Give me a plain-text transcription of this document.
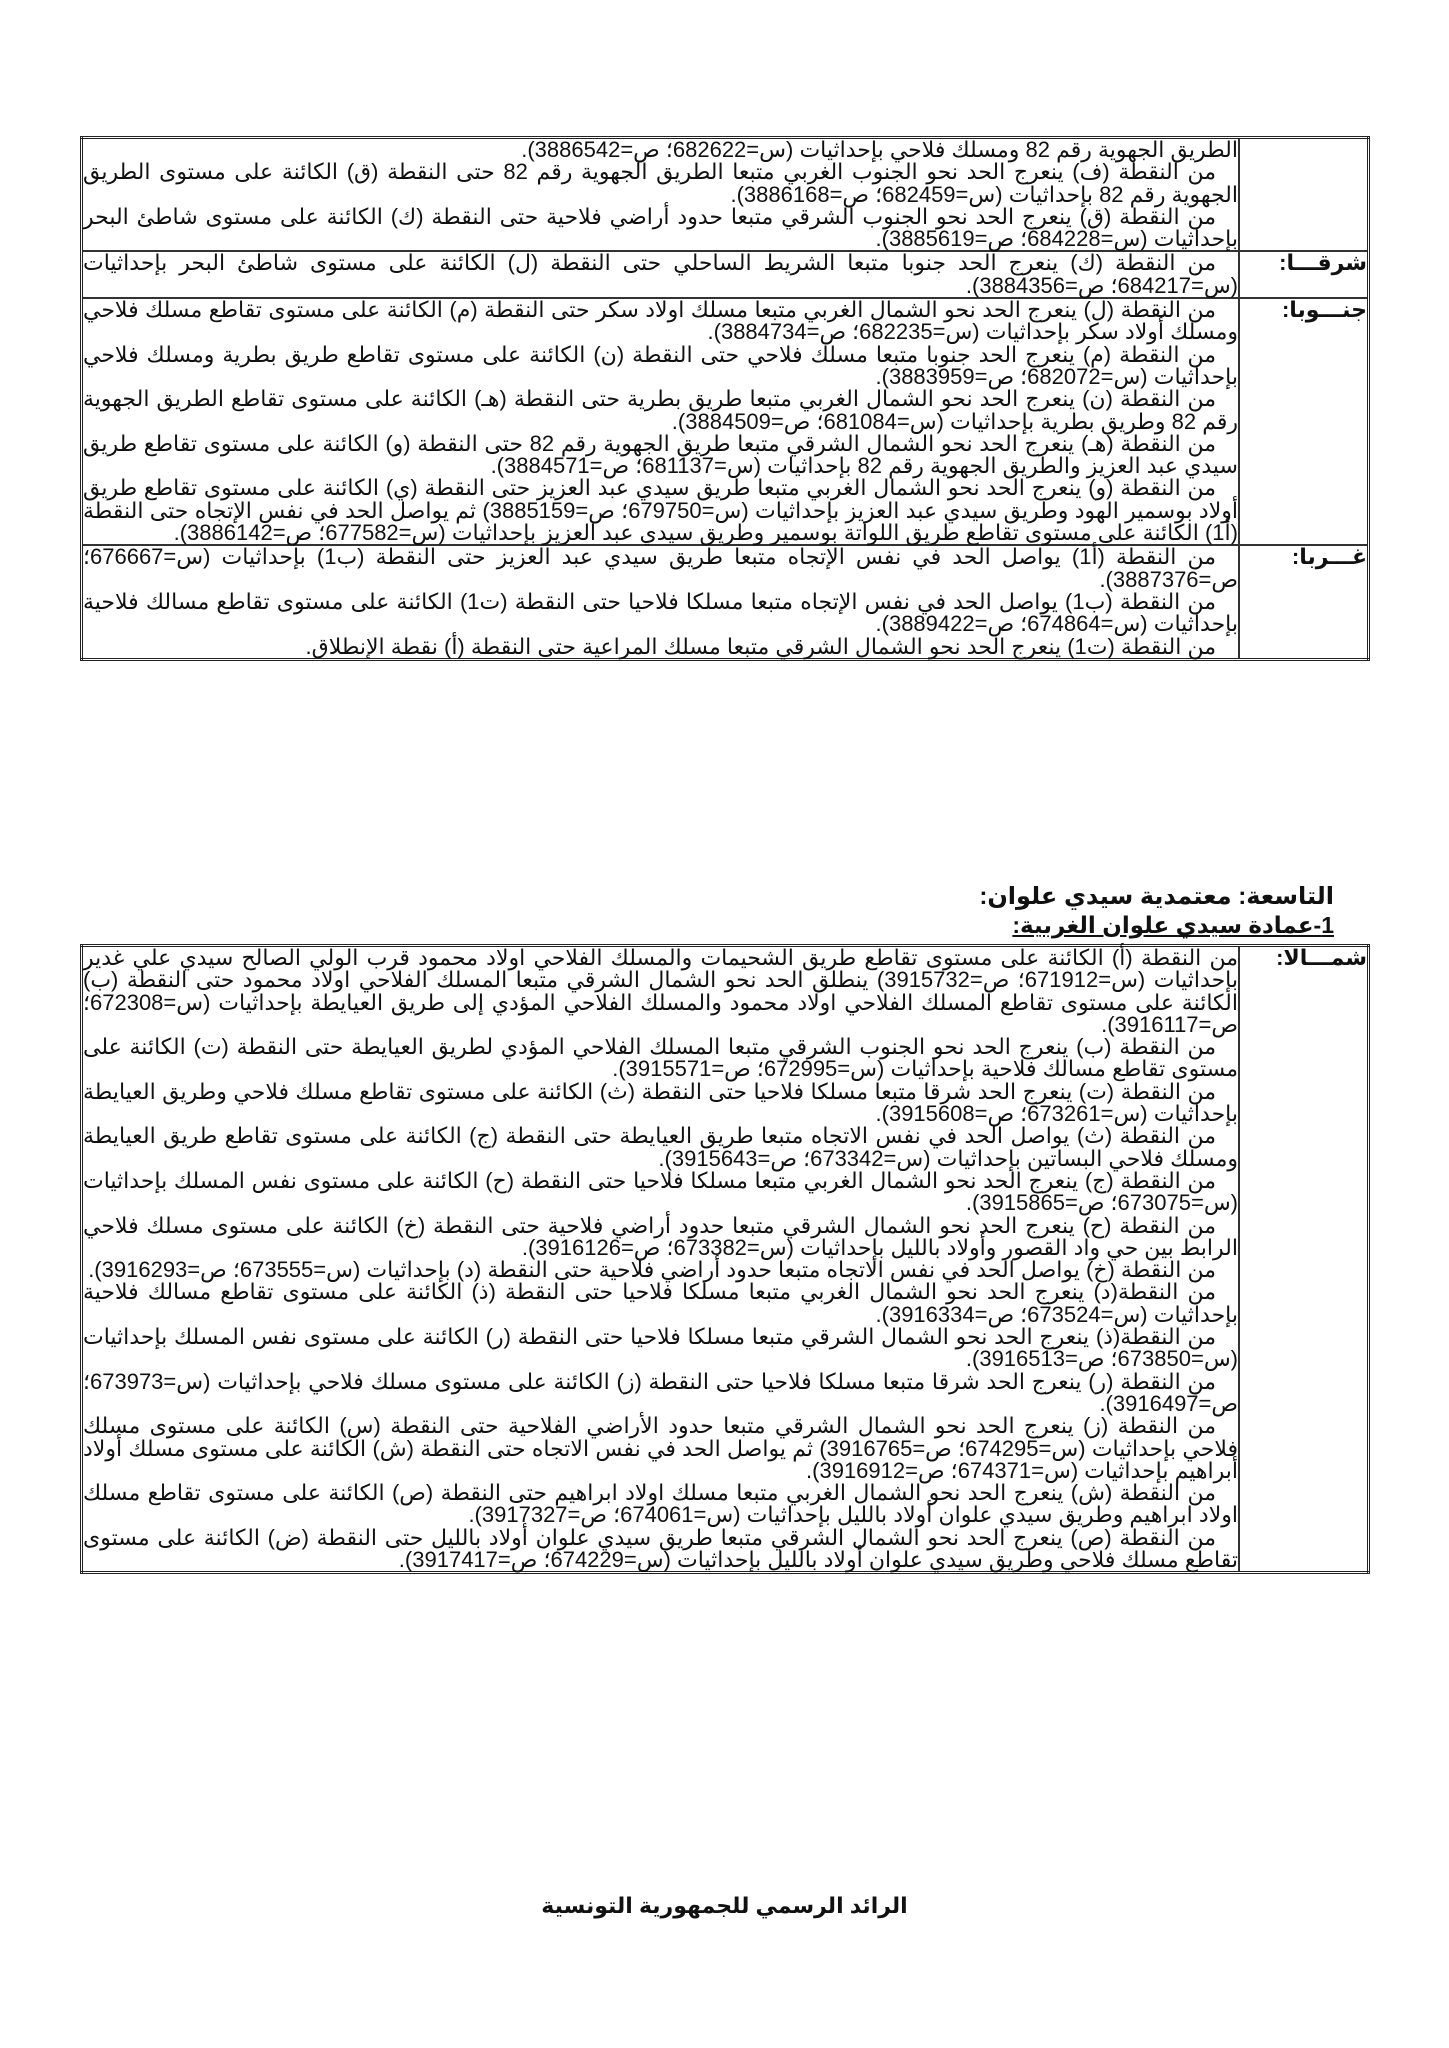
	الطريق الجهوية رقم 82 ومسلك فلاحي بإحداثيات (س=682622؛ ص=3886542).

من النقطة (ف) ينعرج الحد نحو الجنوب الغربي متبعا الطريق الجهوية رقم 82 حتى النقطة (ق) الكائنة على مستوى الطريق الجهوية رقم 82 بإحداثيات (س=682459؛ ص=3886168).

من النقطة (ق) ينعرج الحد نحو الجنوب الشرقي متبعا حدود أراضي فلاحية حتى النقطة (ك) الكائنة على مستوى شاطئ البحر بإحداثيات (س=684228؛ ص=3885619).

شرقـــا:	من النقطة (ك) ينعرج الحد جنوبا متبعا الشريط الساحلي حتى النقطة (ل) الكائنة على مستوى شاطئ البحر بإحداثيات (س=684217؛ ص=3884356).

جنـــوبا:	من النقطة (ل) ينعرج الحد نحو الشمال الغربي متبعا مسلك اولاد سكر حتى النقطة (م) الكائنة على مستوى تقاطع مسلك فلاحي ومسلك أولاد سكر بإحداثيات (س=682235؛ ص=3884734).

من النقطة (م) ينعرج الحد جنوبا متبعا مسلك فلاحي حتى النقطة (ن) الكائنة على مستوى تقاطع طريق بطرية ومسلك فلاحي بإحداثيات (س=682072؛ ص=3883959).

من النقطة (ن) ينعرج الحد نحو الشمال الغربي متبعا طريق بطرية حتى النقطة (هـ) الكائنة على مستوى تقاطع الطريق الجهوية رقم 82 وطريق بطرية بإحداثيات (س=681084؛ ص=3884509).

من النقطة (هـ) ينعرج الحد نحو الشمال الشرقي متبعا طريق الجهوية رقم 82 حتى النقطة (و) الكائنة على مستوى تقاطع طريق سيدي عبد العزيز والطريق الجهوية رقم 82 بإحداثيات (س=681137؛ ص=3884571).

من النقطة (و) ينعرج الحد نحو الشمال الغربي متبعا طريق سيدي عبد العزيز حتى النقطة (ي) الكائنة على مستوى تقاطع طريق أولاد بوسمير الهود وطريق سيدي عبد العزيز بإحداثيات (س=679750؛ ص=3885159) ثم يواصل الحد في نفس الإتجاه حتى النقطة (أ1) الكائنة على مستوى تقاطع طريق اللواتة بوسمير وطريق سيدي عبد العزيز بإحداثيات (س=677582؛ ص=3886142).

غـــربا:	من النقطة (أ1) يواصل الحد في نفس الإتجاه متبعا طريق سيدي عبد العزيز حتى النقطة (ب1) بإحداثيات (س=676667؛ ص=3887376).

من النقطة (ب1) يواصل الحد في نفس الإتجاه متبعا مسلكا فلاحيا حتى النقطة (ت1) الكائنة على مستوى تقاطع مسالك فلاحية بإحداثيات (س=674864؛ ص=3889422).

من النقطة (ت1) ينعرج الحد نحو الشمال الشرقي متبعا مسلك المراعية حتى النقطة (أ) نقطة الإنطلاق.

التاسعة: معتمدية سيدي علوان:
1-عمادة سيدي علوان الغربية:
شمـــالا:	

من النقطة (أ) الكائنة على مستوى تقاطع طريق الشحيمات والمسلك الفلاحي اولاد محمود قرب الولي الصالح سيدي علي غدير بإحداثيات (س=671912؛ ص=3915732) ينطلق الحد نحو الشمال الشرقي متبعا المسلك الفلاحي اولاد محمود حتى النقطة (ب) الكائنة على مستوى تقاطع المسلك الفلاحي اولاد محمود والمسلك الفلاحي المؤدي إلى طريق العيايطة بإحداثيات (س=672308؛ ص=3916117).

من النقطة (ب) ينعرج الحد نحو الجنوب الشرقي متبعا المسلك الفلاحي المؤدي لطريق العيايطة حتى النقطة (ت) الكائنة على مستوى تقاطع مسالك فلاحية بإحداثيات (س=672995؛ ص=3915571).

من النقطة (ت) ينعرج الحد شرقا متبعا مسلكا فلاحيا حتى النقطة (ث) الكائنة على مستوى تقاطع مسلك فلاحي وطريق العيايطة بإحداثيات (س=673261؛ ص=3915608).

من النقطة (ث) يواصل الحد في نفس الاتجاه متبعا طريق العيايطة حتى النقطة (ج) الكائنة على مستوى تقاطع طريق العيايطة ومسلك فلاحي البساتين بإحداثيات (س=673342؛ ص=3915643).

من النقطة (ج) ينعرج الحد نحو الشمال الغربي متبعا مسلكا فلاحيا حتى النقطة (ح) الكائنة على مستوى نفس المسلك بإحداثيات (س=673075؛ ص=3915865).

من النقطة (ح) ينعرج الحد نحو الشمال الشرقي متبعا حدود أراضي فلاحية حتى النقطة (خ) الكائنة على مستوى مسلك فلاحي الرابط بين حي واد القصور وأولاد بالليل بإحداثيات (س=673382؛ ص=3916126).

من النقطة (خ) يواصل الحد في نفس الاتجاه متبعا حدود أراضي فلاحية حتى النقطة (د) بإحداثيات (س=673555؛ ص=3916293).

من النقطة(د) ينعرج الحد نحو الشمال الغربي متبعا مسلكا فلاحيا حتى النقطة (ذ) الكائنة على مستوى تقاطع مسالك فلاحية بإحداثيات (س=673524؛ ص=3916334).

من النقطة(ذ) ينعرج الحد نحو الشمال الشرقي متبعا مسلكا فلاحيا حتى النقطة (ر) الكائنة على مستوى نفس المسلك بإحداثيات (س=673850؛ ص=3916513).

من النقطة (ر) ينعرج الحد شرقا متبعا مسلكا فلاحيا حتى النقطة (ز) الكائنة على مستوى مسلك فلاحي بإحداثيات (س=673973؛ ص=3916497).

من النقطة (ز) ينعرج الحد نحو الشمال الشرقي متبعا حدود الأراضي الفلاحية حتى النقطة (س) الكائنة على مستوى مسلك فلاحي بإحداثيات (س=674295؛ ص=3916765) ثم يواصل الحد في نفس الاتجاه حتى النقطة (ش) الكائنة على مستوى مسلك أولاد أبراهيم بإحداثيات (س=674371؛ ص=3916912).

من النقطة (ش) ينعرج الحد نحو الشمال الغربي متبعا مسلك اولاد ابراهيم حتى النقطة (ص) الكائنة على مستوى تقاطع مسلك اولاد ابراهيم وطريق سيدي علوان أولاد بالليل بإحداثيات (س=674061؛ ص=3917327).

من النقطة (ص) ينعرج الحد نحو الشمال الشرقي متبعا طريق سيدي علوان أولاد بالليل حتى النقطة (ض) الكائنة على مستوى تقاطع مسلك فلاحي وطريق سيدي علوان أولاد بالليل بإحداثيات (س=674229؛ ص=3917417).

الرائد الرسمي للجمهورية التونسية
